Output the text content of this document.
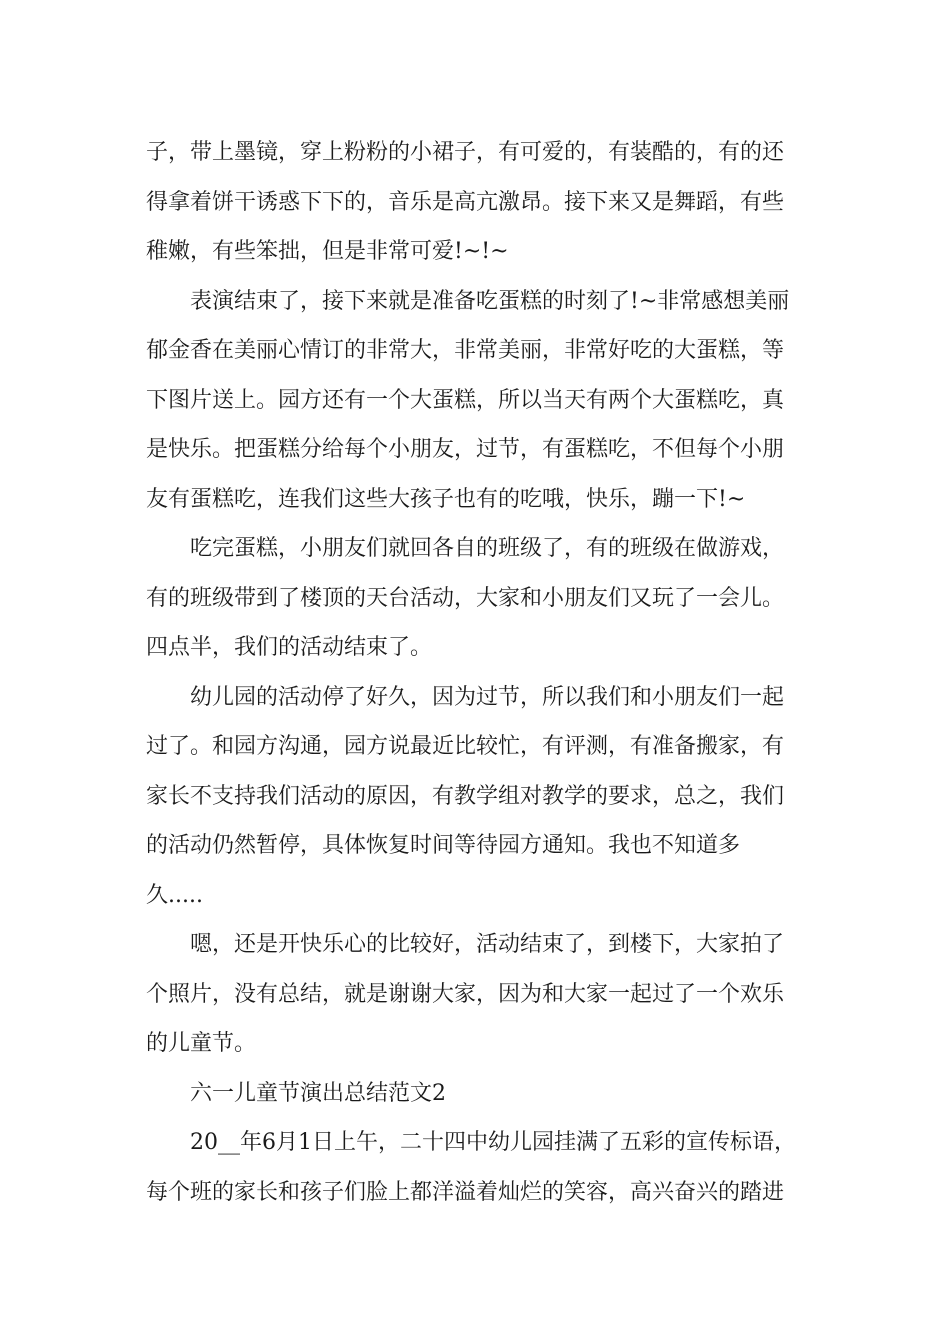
子，带上墨镜，穿上粉粉的小裙子，有可爱的，有装酷的，有的还
得拿着饼干诱惑下下的，音乐是高亢激昂。接下来又是舞蹈，有些
稚嫩，有些笨拙，但是非常可爱!~!~

表演结束了，接下来就是准备吃蛋糕的时刻了!~非常感想美丽
郁金香在美丽心情订的非常大，非常美丽，非常好吃的大蛋糕，等
下图片送上。园方还有一个大蛋糕，所以当天有两个大蛋糕吃，真
是快乐。把蛋糕分给每个小朋友，过节，有蛋糕吃，不但每个小朋
友有蛋糕吃，连我们这些大孩子也有的吃哦，快乐，蹦一下!~

吃完蛋糕，小朋友们就回各自的班级了，有的班级在做游戏，
有的班级带到了楼顶的天台活动，大家和小朋友们又玩了一会儿。
四点半，我们的活动结束了。

幼儿园的活动停了好久，因为过节，所以我们和小朋友们一起
过了。和园方沟通，园方说最近比较忙，有评测，有准备搬家，有
家长不支持我们活动的原因，有教学组对教学的要求，总之，我们
的活动仍然暂停，具体恢复时间等待园方通知。我也不知道多
久.....

嗯，还是开快乐心的比较好，活动结束了，到楼下，大家拍了
个照片，没有总结，就是谢谢大家，因为和大家一起过了一个欢乐
的儿童节。

六一儿童节演出总结范文2

20__年6月1日上午，二十四中幼儿园挂满了五彩的宣传标语，
每个班的家长和孩子们脸上都洋溢着灿烂的笑容，高兴奋兴的踏进
